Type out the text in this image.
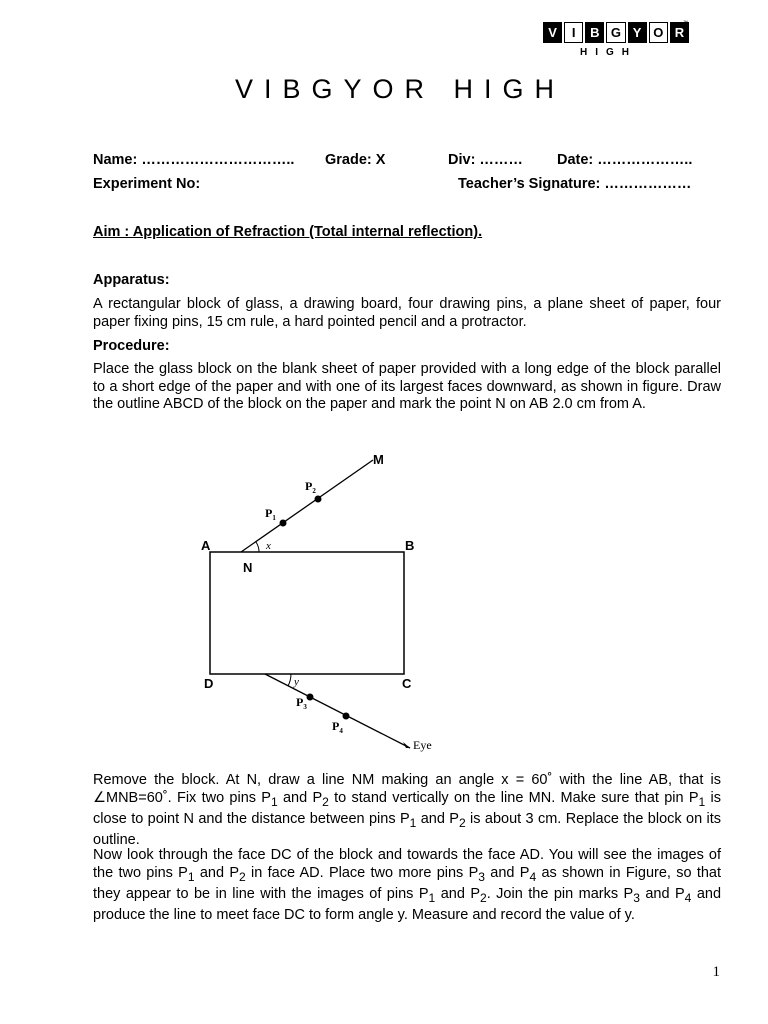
V	I	B G Y O R
™
HIGH
VIBGYOR HIGH
Name: ………………………….. Grade: X	Div: ……… Date: ………………..
Experiment No:	Teacher’s Signature: ………………
Aim : Application of Refraction (Total internal reflection).
Apparatus:
A rectangular block of glass, a drawing board, four drawing pins, a plane sheet of paper, four paper fixing pins, 15 cm rule, a hard pointed pencil and a protractor.
Procedure:
Place the glass block on the blank sheet of paper provided with a long edge of the block parallel to a short edge of the paper and with one of its largest faces downward, as shown in figure. Draw the outline ABCD of the block on the paper and mark the point N on AB 2.0 cm from A.
A	B
C
D
N
M
x
y
$P_1$
$P_2$
$P_3$
$P_4$
Eye
Remove the block. At N, draw a line NM making an angle x = 60˚ with the line AB, that is ∠MNB=60˚. Fix two pins $P_1$ and $P_2$ to stand vertically on the line MN. Make sure that pin $P_1$ is close to point N and the distance between pins $P_1$ and $P_2$ is about 3 cm. Replace the block on its outline.
Now look through the face DC of the block and towards the face AD. You will see the images of the two pins $P_1$ and $P_2$ in face AD. Place two more pins $P_3$ and $P_4$ as shown in Figure, so that they appear to be in line with the images of pins $P_1$ and $P_2$. Join the pin marks $P_3$ and $P_4$ and produce the line to meet face DC to form angle y. Measure and record the value of y.
1
